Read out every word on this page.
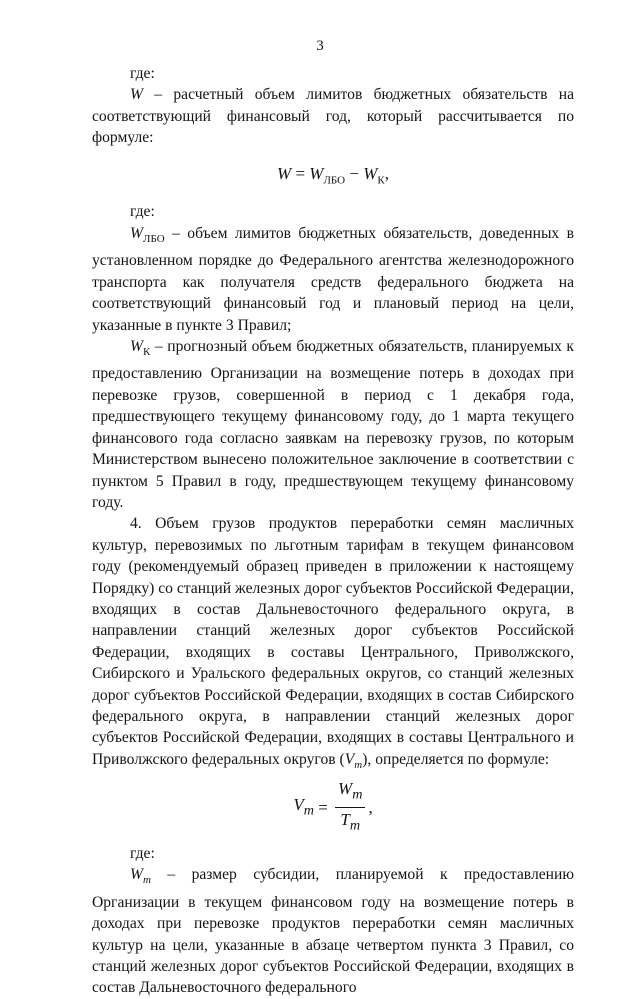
3

где:

W – расчетный объем лимитов бюджетных обязательств на соответствующий финансовый год, который рассчитывается по формуле:

$W = W_{ЛБО} - W_К$,

где:

$W_{ЛБО}$ – объем лимитов бюджетных обязательств, доведенных в установленном порядке до Федерального агентства железнодорожного транспорта как получателя средств федерального бюджета на соответствующий финансовый год и плановый период на цели, указанные в пункте 3 Правил;

$W_К$ – прогнозный объем бюджетных обязательств, планируемых к предоставлению Организации на возмещение потерь в доходах при перевозке грузов, совершенной в период с 1 декабря года, предшествующего текущему финансовому году, до 1 марта текущего финансового года согласно заявкам на перевозку грузов, по которым Министерством вынесено положительное заключение в соответствии с пунктом 5 Правил в году, предшествующем текущему финансовому году.

4. Объем грузов продуктов переработки семян масличных культур, перевозимых по льготным тарифам в текущем финансовом году (рекомендуемый образец приведен в приложении к настоящему Порядку) со станций железных дорог субъектов Российской Федерации, входящих в состав Дальневосточного федерального округа, в направлении станций железных дорог субъектов Российской Федерации, входящих в составы Центрального, Приволжского, Сибирского и Уральского федеральных округов, со станций железных дорог субъектов Российской Федерации, входящих в состав Сибирского федерального округа, в направлении станций железных дорог субъектов Российской Федерации, входящих в составы Центрального и Приволжского федеральных округов $(V_m)$, определяется по формуле:

$V_m = \frac{W_m}{T_m}$ ,

где:

$W_m$ – размер субсидии, планируемой к предоставлению Организации в текущем финансовом году на возмещение потерь в доходах при перевозке продуктов переработки семян масличных культур на цели, указанные в абзаце четвертом пункта 3 Правил, со станций железных дорог субъектов Российской Федерации, входящих в состав Дальневосточного федерального
